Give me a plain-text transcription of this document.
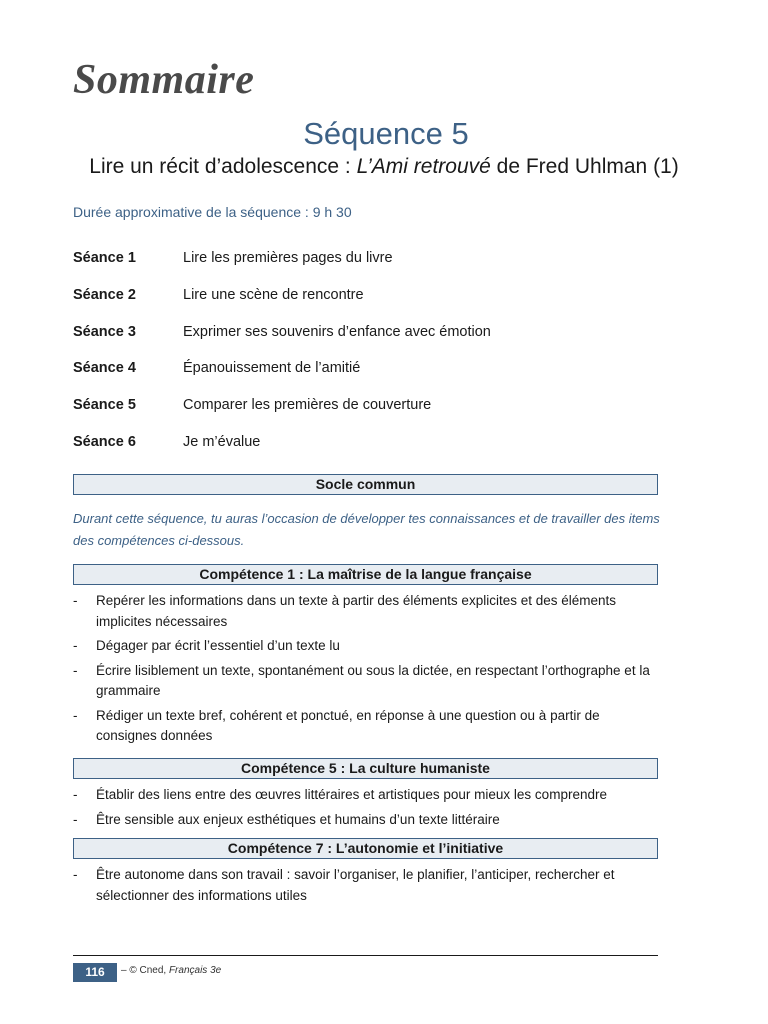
Sommaire
Séquence 5
Lire un récit d’adolescence : L’Ami retrouvé de Fred Uhlman (1)
Durée approximative de la séquence : 9 h 30
Séance 1	Lire les premières pages du livre
Séance 2	Lire une scène de rencontre
Séance 3	Exprimer ses souvenirs d’enfance avec émotion
Séance 4	Épanouissement de l’amitié
Séance 5	Comparer les premières de couverture
Séance 6	Je m’évalue
Socle commun
Durant cette séquence, tu auras l’occasion de développer tes connaissances et de travailler des items des compétences ci-dessous.
Compétence 1 : La maîtrise de la langue française
- Repérer les informations dans un texte à partir des éléments explicites et des éléments implicites nécessaires
- Dégager par écrit l’essentiel d’un texte lu
- Écrire lisiblement un texte, spontanément ou sous la dictée, en respectant l’orthographe et la grammaire
- Rédiger un texte bref, cohérent et ponctué, en réponse à une question ou à partir de consignes données
Compétence 5 : La culture humaniste
- Établir des liens entre des œuvres littéraires et artistiques pour mieux les comprendre
- Être sensible aux enjeux esthétiques et humains d’un texte littéraire
Compétence 7 : L’autonomie et l’initiative
- Être autonome dans son travail : savoir l’organiser, le planifier, l’anticiper, rechercher et sélectionner des informations utiles
116	– © Cned, Français 3e
